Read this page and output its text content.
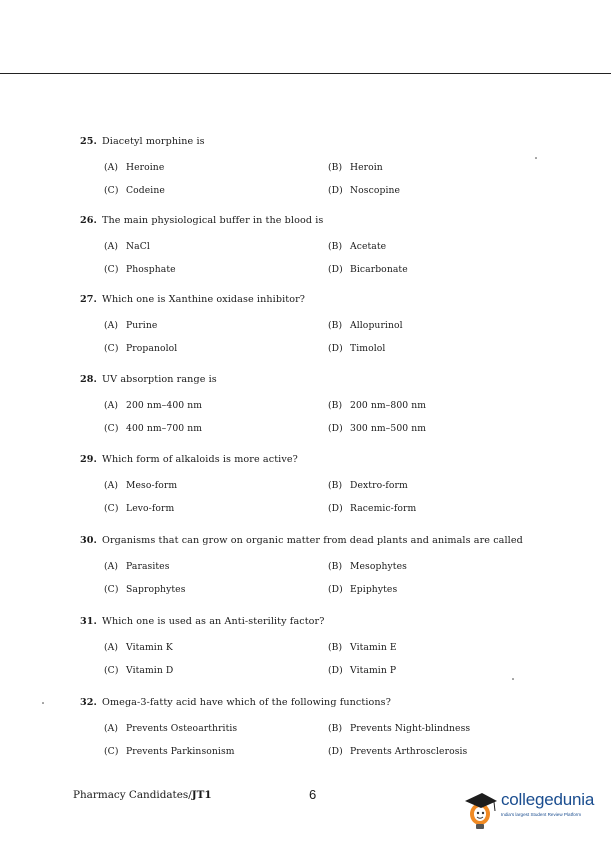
25. Diacetyl morphine is
(A) Heroine	(B) Heroin
(C) Codeine	(D) Noscopine
26. The main physiological buffer in the blood is
(A) NaCl	(B) Acetate
(C) Phosphate	(D) Bicarbonate
27. Which one is Xanthine oxidase inhibitor?
(A) Purine	(B) Allopurinol
(C) Propanolol	(D) Timolol
28. UV absorption range is
(A) 200 nm–400 nm	(B) 200 nm–800 nm
(C) 400 nm–700 nm	(D) 300 nm–500 nm
29. Which form of alkaloids is more active?
(A) Meso-form	(B) Dextro-form
(C) Levo-form	(D) Racemic-form
30. Organisms that can grow on organic matter from dead plants and animals are called
(A) Parasites	(B) Mesophytes
(C) Saprophytes	(D) Epiphytes
31. Which one is used as an Anti-sterility factor?
(A) Vitamin K	(B) Vitamin E
(C) Vitamin D	(D) Vitamin P
32. Omega-3-fatty acid have which of the following functions?
(A) Prevents Osteoarthritis	(B) Prevents Night-blindness
(C) Prevents Parkinsonism	(D) Prevents Arthrosclerosis
Pharmacy Candidates/JT1	6	collegedunia
India's largest Student Review Platform
